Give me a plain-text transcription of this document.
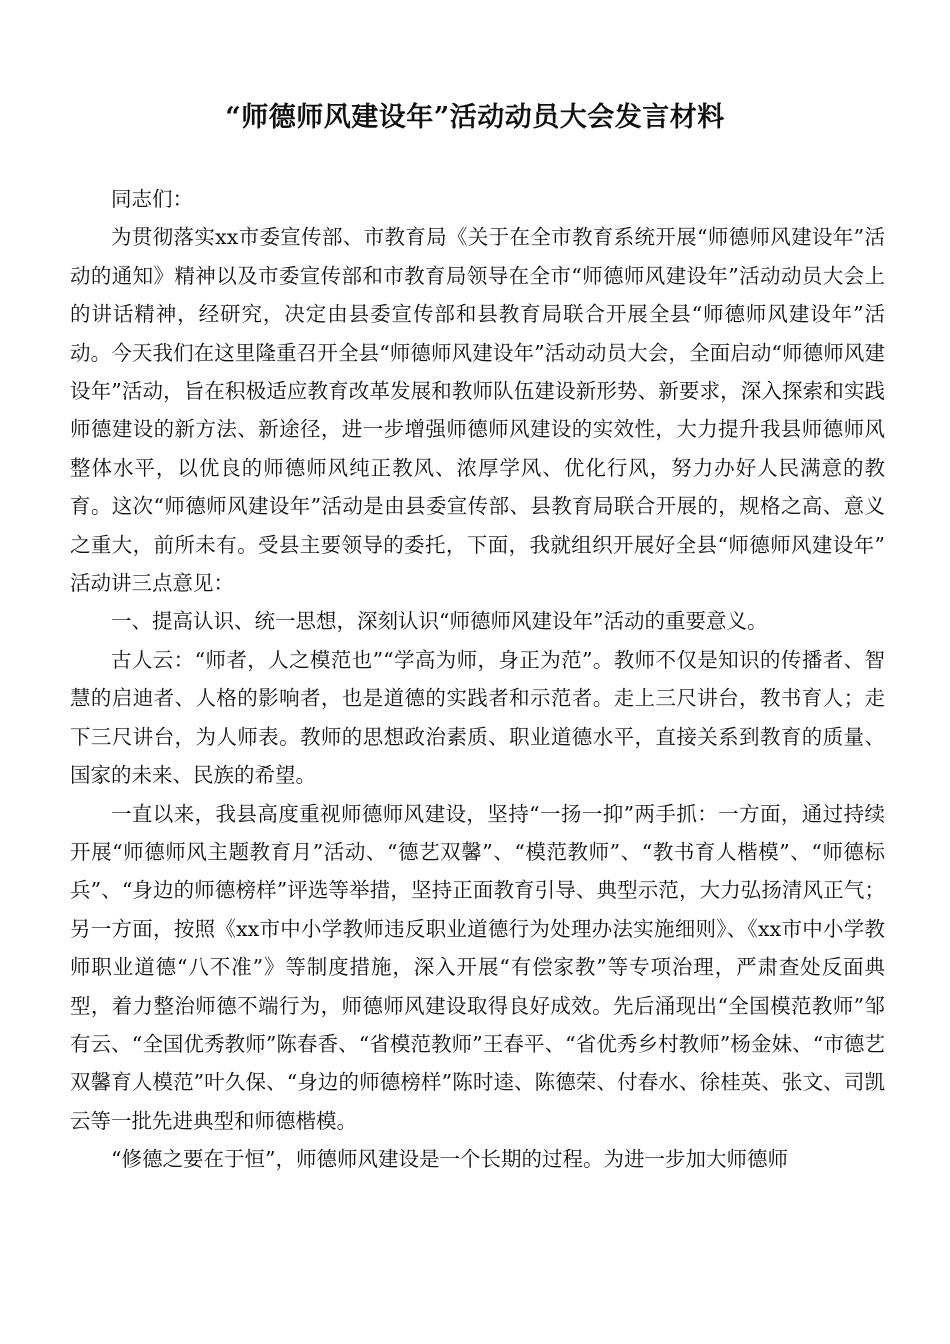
“师德师风建设年”活动动员大会发言材料

同志们：

为贯彻落实xx市委宣传部、市教育局《关于在全市教育系统开展“师德师风建设年”活动的通知》精神以及市委宣传部和市教育局领导在全市“师德师风建设年”活动动员大会上的讲话精神，经研究，决定由县委宣传部和县教育局联合开展全县“师德师风建设年”活动。今天我们在这里隆重召开全县“师德师风建设年”活动动员大会，全面启动“师德师风建设年”活动，旨在积极适应教育改革发展和教师队伍建设新形势、新要求，深入探索和实践师德建设的新方法、新途径，进一步增强师德师风建设的实效性，大力提升我县师德师风整体水平，以优良的师德师风纯正教风、浓厚学风、优化行风，努力办好人民满意的教育。这次“师德师风建设年”活动是由县委宣传部、县教育局联合开展的，规格之高、意义之重大，前所未有。受县主要领导的委托，下面，我就组织开展好全县“师德师风建设年” 活动讲三点意见：

一、提高认识、统一思想，深刻认识“师德师风建设年”活动的重要意义。

古人云：“师者，人之模范也”“学高为师，身正为范”。教师不仅是知识的传播者、智慧的启迪者、人格的影响者，也是道德的实践者和示范者。走上三尺讲台，教书育人；走下三尺讲台，为人师表。教师的思想政治素质、职业道德水平，直接关系到教育的质量、国家的未来、民族的希望。

一直以来，我县高度重视师德师风建设，坚持“一扬一抑”两手抓：一方面，通过持续开展“师德师风主题教育月”活动、“德艺双馨”、“模范教师”、“教书育人楷模”、“师德标兵”、“身边的师德榜样”评选等举措，坚持正面教育引导、典型示范，大力弘扬清风正气；另一方面，按照《xx市中小学教师违反职业道德行为处理办法实施细则》、《xx市中小学教师职业道德“八不准”》等制度措施，深入开展“有偿家教”等专项治理，严肃查处反面典型，着力整治师德不端行为，师德师风建设取得良好成效。先后涌现出“全国模范教师”邹有云、“全国优秀教师”陈春香、“省模范教师”王春平、“省优秀乡村教师”杨金妹、“市德艺双馨育人模范”叶久保、“身边的师德榜样”陈时逵、陈德荣、付春水、徐桂英、张文、司凯云等一批先进典型和师德楷模。

“修德之要在于恒”，师德师风建设是一个长期的过程。为进一步加大师德师
